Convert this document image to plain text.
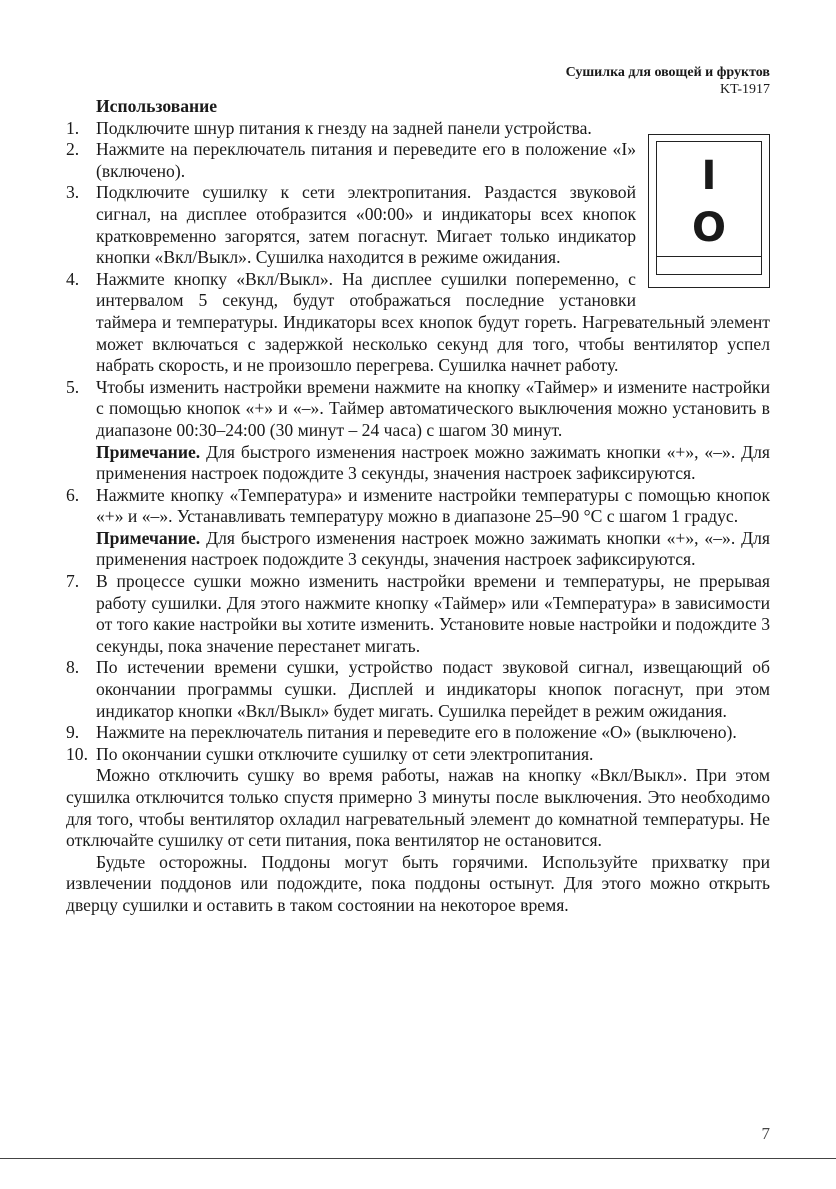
Сушилка для овощей и фруктов
KT-1917
Использование
I
O
1. Подключите шнур питания к гнезду на задней панели устройства.

2. Нажмите на переключатель питания и переведите его в положение «I» (включено).

3. Подключите сушилку к сети электропитания. Раздастся звуковой сигнал, на дисплее отобразится «00:00» и индикаторы всех кнопок кратковременно загорятся, затем погаснут. Мигает только индикатор кнопки «Вкл/Выкл». Сушилка находится в режиме ожидания.

4. Нажмите кнопку «Вкл/Выкл». На дисплее сушилки попеременно, с интервалом 5 секунд, будут отображаться последние установки таймера и температуры. Индикаторы всех кнопок будут гореть. Нагревательный элемент может включаться с задержкой несколько секунд для того, чтобы вентилятор успел набрать скорость, и не произошло перегрева. Сушилка начнет работу.

5. Чтобы изменить настройки времени нажмите на кнопку «Таймер» и измените настройки с помощью кнопок «+» и «–». Таймер автоматического выключения можно установить в диапазоне 00:30–24:00 (30 минут – 24 часа) с шагом 30 минут.

Примечание. Для быстрого изменения настроек можно зажимать кнопки «+», «–». Для применения настроек подождите 3 секунды, значения настроек зафиксируются.

6. Нажмите кнопку «Температура» и измените настройки температуры с помощью кнопок «+» и «–». Устанавливать температуру можно в диапазоне 25–90 °C с шагом 1 градус.

Примечание. Для быстрого изменения настроек можно зажимать кнопки «+», «–». Для применения настроек подождите 3 секунды, значения настроек зафиксируются.

7. В процессе сушки можно изменить настройки времени и температуры, не прерывая работу сушилки. Для этого нажмите кнопку «Таймер» или «Температура» в зависимости от того какие настройки вы хотите изменить. Установите новые настройки и подождите 3 секунды, пока значение перестанет мигать.

8. По истечении времени сушки, устройство подаст звуковой сигнал, извещающий об окончании программы сушки. Дисплей и индикаторы кнопок погаснут, при этом индикатор кнопки «Вкл/Выкл» будет мигать. Сушилка перейдет в режим ожидания.

9. Нажмите на переключатель питания и переведите его в положение «O» (выключено).

10. По окончании сушки отключите сушилку от сети электропитания.

Можно отключить сушку во время работы, нажав на кнопку «Вкл/Выкл». При этом сушилка отключится только спустя примерно 3 минуты после выключения. Это необходимо для того, чтобы вентилятор охладил нагревательный элемент до комнатной температуры. Не отключайте сушилку от сети питания, пока вентилятор не остановится.

Будьте осторожны. Поддоны могут быть горячими. Используйте прихватку при извлечении поддонов или подождите, пока поддоны остынут. Для этого можно открыть дверцу сушилки и оставить в таком состоянии на некоторое время.

7
